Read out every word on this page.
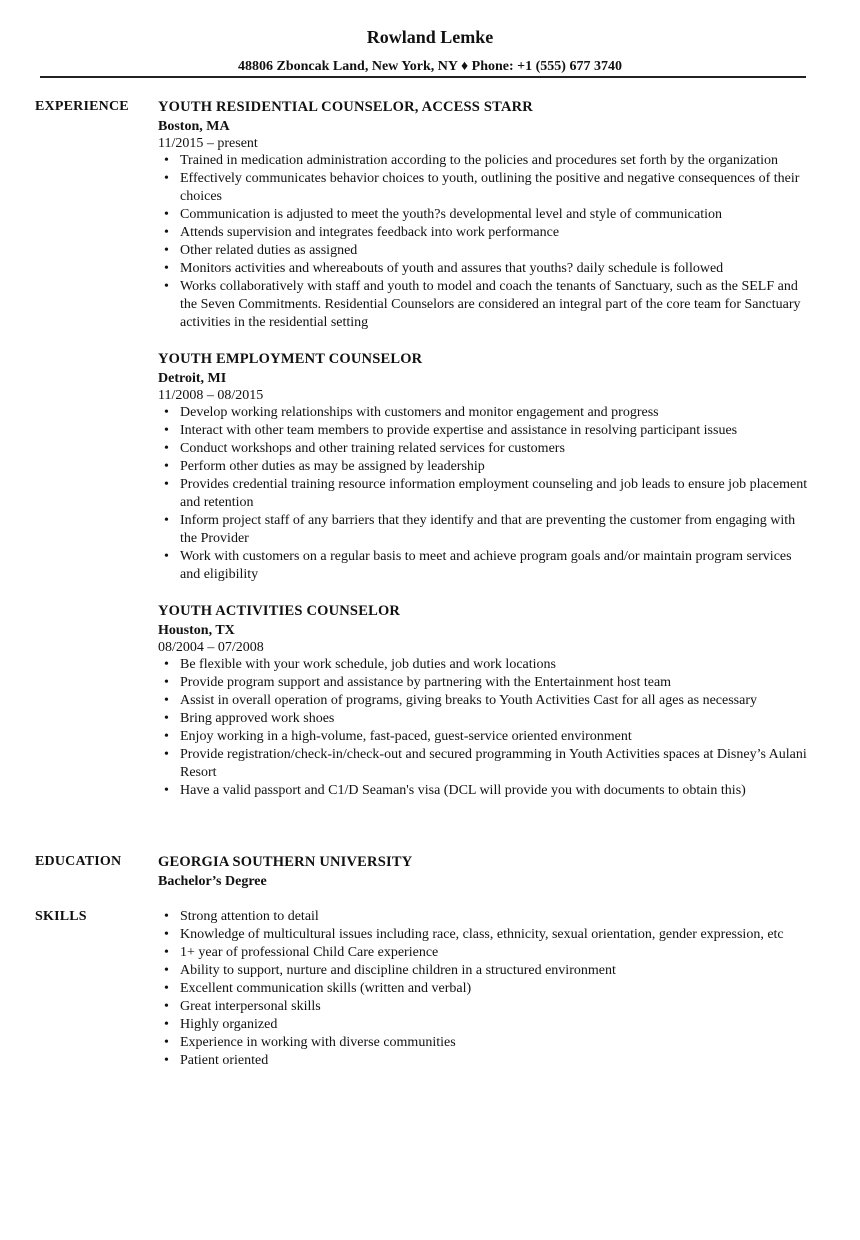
Rowland Lemke
48806 Zboncak Land, New York, NY ♦ Phone: +1 (555) 677 3740
EXPERIENCE YOUTH RESIDENTIAL COUNSELOR, ACCESS STARR
Boston, MA
11/2015 – present
• Trained in medication administration according to the policies and procedures set forth by the organization
• Effectively communicates behavior choices to youth, outlining the positive and negative consequences of their choices
• Communication is adjusted to meet the youth?s developmental level and style of communication
• Attends supervision and integrates feedback into work performance
• Other related duties as assigned
• Monitors activities and whereabouts of youth and assures that youths? daily schedule is followed
• Works collaboratively with staff and youth to model and coach the tenants of Sanctuary, such as the SELF and the Seven Commitments. Residential Counselors are considered an integral part of the core team for Sanctuary activities in the residential setting
YOUTH EMPLOYMENT COUNSELOR
Detroit, MI
11/2008 – 08/2015
• Develop working relationships with customers and monitor engagement and progress
• Interact with other team members to provide expertise and assistance in resolving participant issues
• Conduct workshops and other training related services for customers
• Perform other duties as may be assigned by leadership
• Provides credential training resource information employment counseling and job leads to ensure job placement and retention
• Inform project staff of any barriers that they identify and that are preventing the customer from engaging with the Provider
• Work with customers on a regular basis to meet and achieve program goals and/or maintain program services and eligibility
YOUTH ACTIVITIES COUNSELOR
Houston, TX
08/2004 – 07/2008
• Be flexible with your work schedule, job duties and work locations
• Provide program support and assistance by partnering with the Entertainment host team
• Assist in overall operation of programs, giving breaks to Youth Activities Cast for all ages as necessary
• Bring approved work shoes
• Enjoy working in a high-volume, fast-paced, guest-service oriented environment
• Provide registration/check-in/check-out and secured programming in Youth Activities spaces at Disney’s Aulani Resort
• Have a valid passport and C1/D Seaman's visa (DCL will provide you with documents to obtain this)
EDUCATION	GEORGIA SOUTHERN UNIVERSITY
Bachelor’s Degree
SKILLS
•	Strong attention to detail
• Knowledge of multicultural issues including race, class, ethnicity, sexual orientation, gender expression, etc
• 1+ year of professional Child Care experience
• Ability to support, nurture and discipline children in a structured environment
• Excellent communication skills (written and verbal)
• Great interpersonal skills
• Highly organized
• Experience in working with diverse communities
• Patient oriented
